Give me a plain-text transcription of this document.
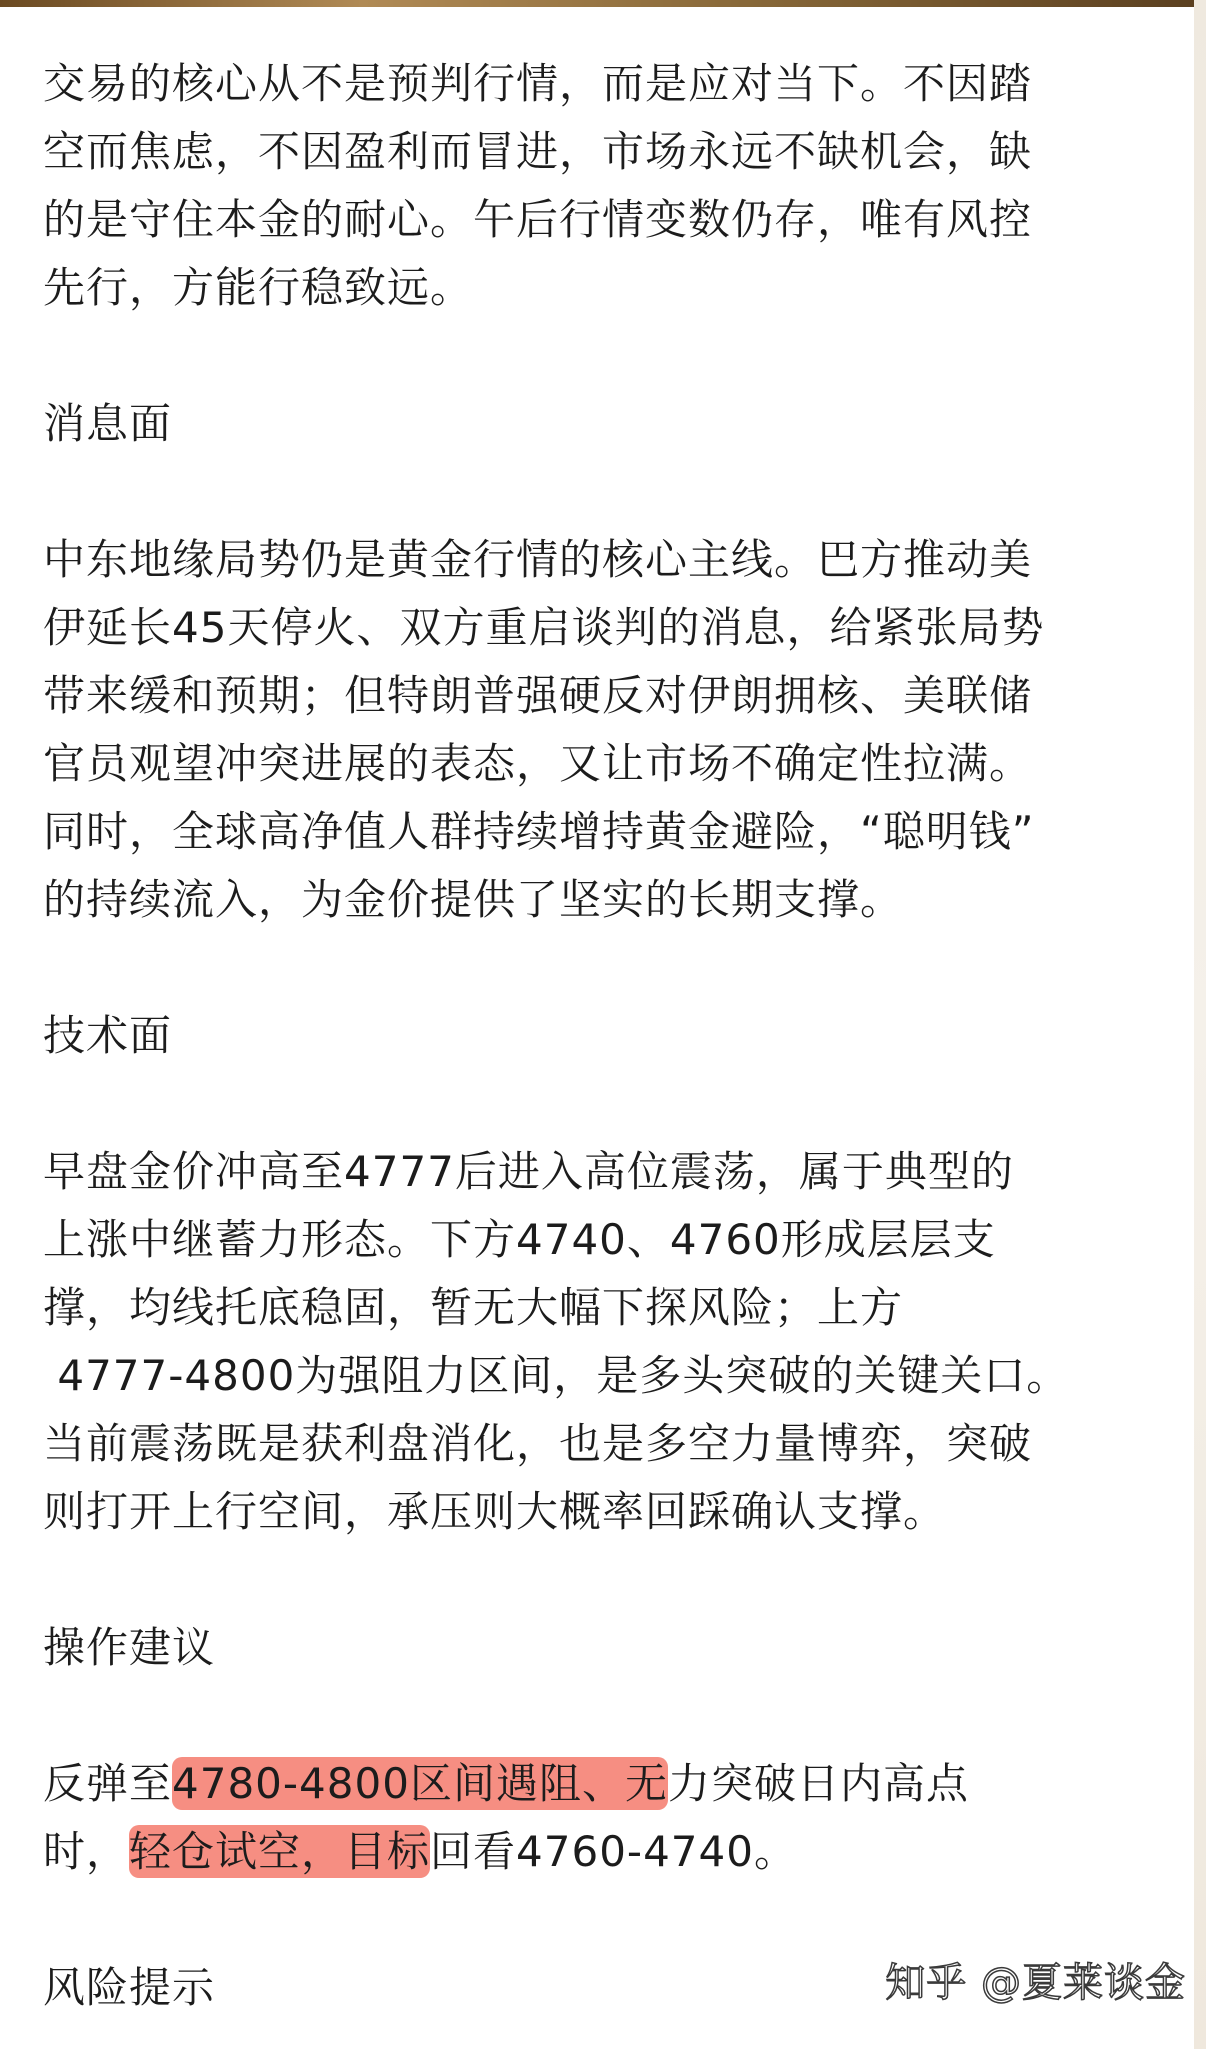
交易的核心从不是预判行情，而是应对当下。不因踏

空而焦虑，不因盈利而冒进，市场永远不缺机会，缺

的是守住本金的耐心。午后行情变数仍存，唯有风控

先行，方能行稳致远。

消息面

中东地缘局势仍是黄金行情的核心主线。巴方推动美

伊延长45天停火、双方重启谈判的消息，给紧张局势

带来缓和预期；但特朗普强硬反对伊朗拥核、美联储

官员观望冲突进展的表态，又让市场不确定性拉满。

同时，全球高净值人群持续增持黄金避险，“聪明钱”

的持续流入，为金价提供了坚实的长期支撑。

技术面

早盘金价冲高至4777后进入高位震荡，属于典型的

上涨中继蓄力形态。下方4740、4760形成层层支

撑，均线托底稳固，暂无大幅下探风险；上方

4777-4800为强阻力区间，是多头突破的关键关口。

当前震荡既是获利盘消化，也是多空力量博弈，突破

则打开上行空间，承压则大概率回踩确认支撑。

操作建议

反弹至4780-4800区间遇阻、无力突破日内高点

时，轻仓试空，目标回看4760-4740。

风险提示	知乎 @夏莱谈金
